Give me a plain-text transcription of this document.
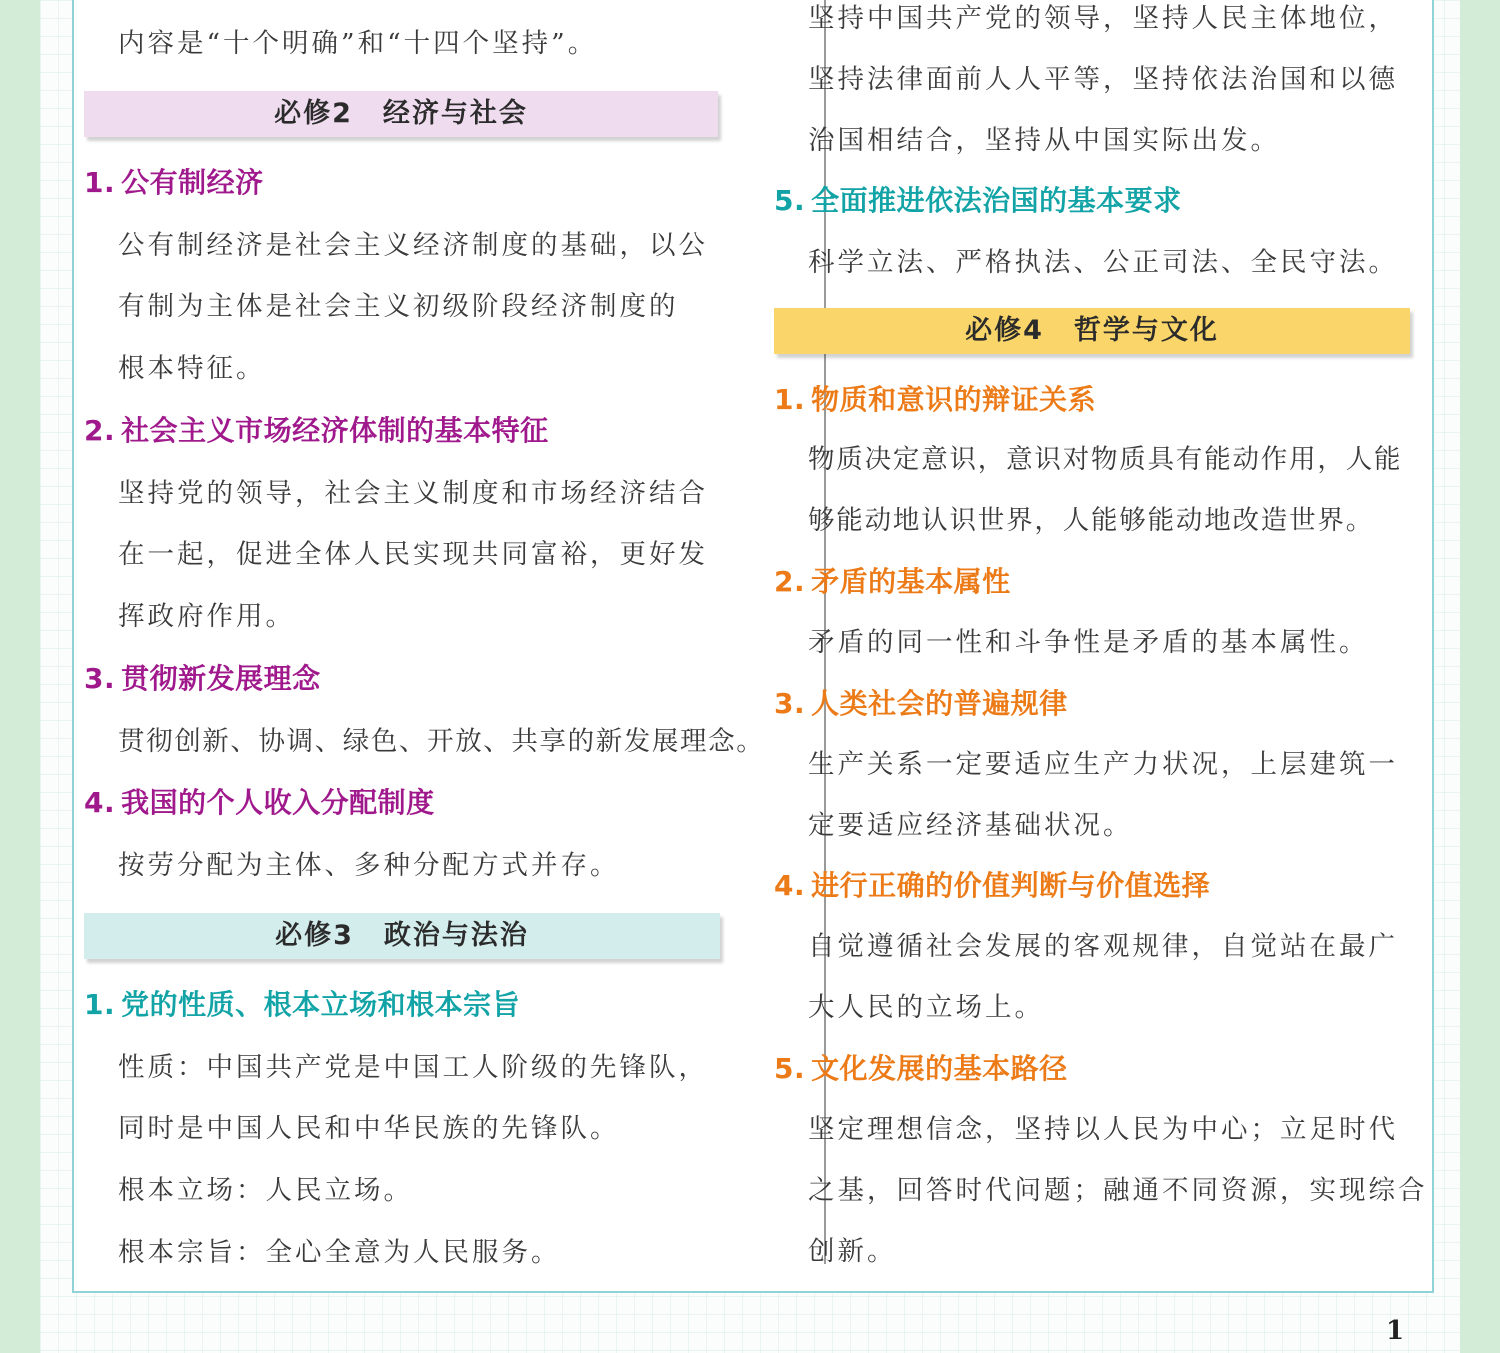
内容是“十个明确”和“十四个坚持”。

必修2 经济与社会
1. 公有制经济

公有制经济是社会主义经济制度的基础，以公

有制为主体是社会主义初级阶段经济制度的

根本特征。

2. 社会主义市场经济体制的基本特征

坚持党的领导，社会主义制度和市场经济结合

在一起，促进全体人民实现共同富裕，更好发

挥政府作用。

3. 贯彻新发展理念

贯彻创新、协调、绿色、开放、共享的新发展理念。

4. 我国的个人收入分配制度

按劳分配为主体、多种分配方式并存。

必修3 政治与法治
1. 党的性质、根本立场和根本宗旨

性质：中国共产党是中国工人阶级的先锋队，

同时是中国人民和中华民族的先锋队。

根本立场：人民立场。

根本宗旨：全心全意为人民服务。

坚持中国共产党的领导，坚持人民主体地位，

坚持法律面前人人平等，坚持依法治国和以德

治国相结合，坚持从中国实际出发。

5. 全面推进依法治国的基本要求

科学立法、严格执法、公正司法、全民守法。

必修4 哲学与文化
1. 物质和意识的辩证关系

物质决定意识，意识对物质具有能动作用，人能

够能动地认识世界，人能够能动地改造世界。

2. 矛盾的基本属性

矛盾的同一性和斗争性是矛盾的基本属性。

3. 人类社会的普遍规律

生产关系一定要适应生产力状况，上层建筑一

定要适应经济基础状况。

4. 进行正确的价值判断与价值选择

自觉遵循社会发展的客观规律，自觉站在最广

大人民的立场上。

5. 文化发展的基本路径

坚定理想信念，坚持以人民为中心；立足时代

之基，回答时代问题；融通不同资源，实现综合

创新。

1
